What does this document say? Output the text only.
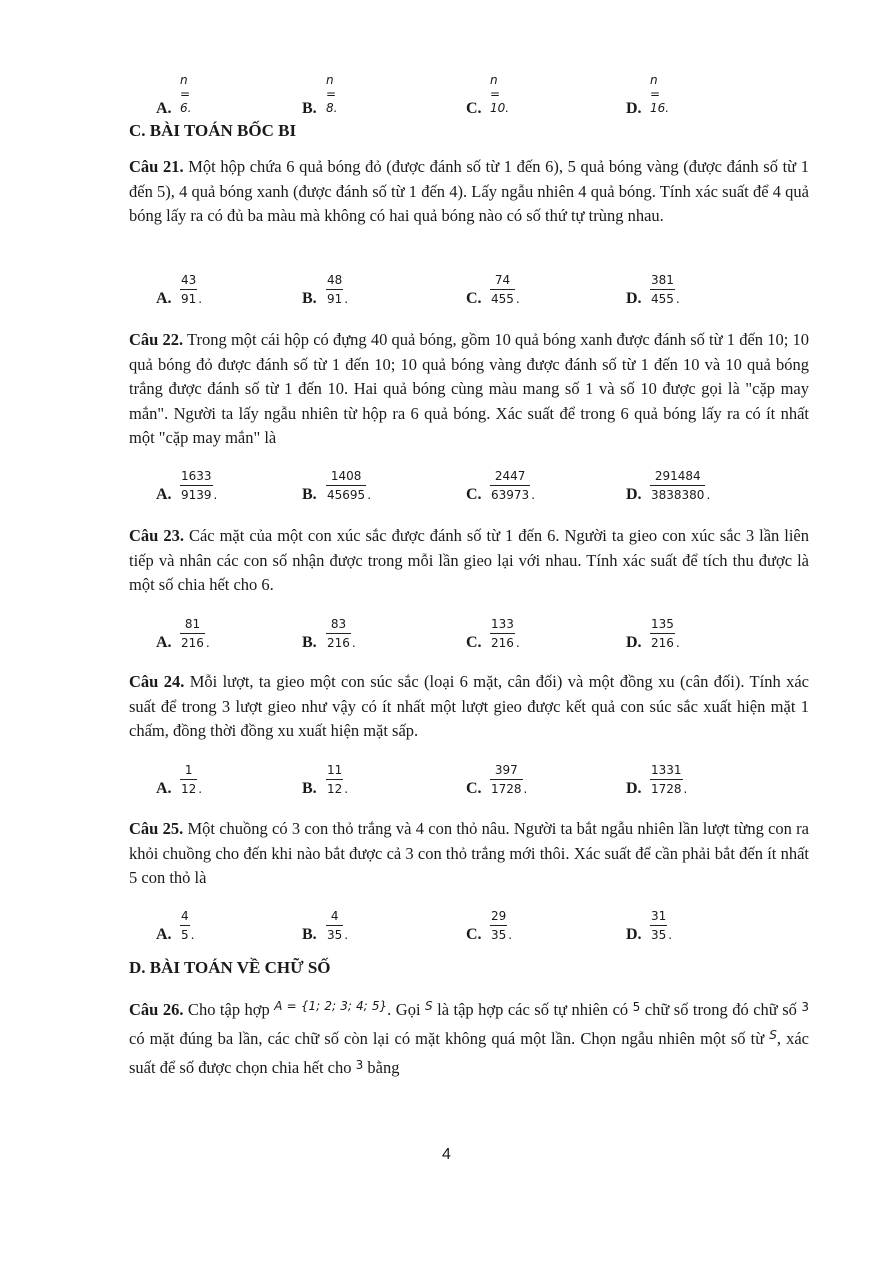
A.
n = 6.	B.
n = 8.	C.
n = 10.	D.
n = 16.
C. BÀI TOÁN BỐC BI

Câu 21. Một hộp chứa 6 quả bóng đỏ (được đánh số từ 1 đến 6), 5 quả bóng vàng (được đánh số từ 1 đến 5), 4 quả bóng xanh (được đánh số từ 1 đến 4). Lấy ngẫu nhiên 4 quả bóng. Tính xác suất để 4 quả bóng lấy ra có đủ ba màu mà không có hai quả bóng nào có số thứ tự trùng nhau.

A. $\frac{43}{91}$ .	B. $\frac{48}{91}$ .	C. $\frac{74}{455}$ .	D. $\frac{381}{455}$ .

Câu 22. Trong một cái hộp có đựng 40 quả bóng, gồm 10 quả bóng xanh được đánh số từ 1 đến 10; 10 quả bóng đỏ được đánh số từ 1 đến 10; 10 quả bóng vàng được đánh số từ 1 đến 10 và 10 quả bóng trắng được đánh số từ 1 đến 10. Hai quả bóng cùng màu mang số 1 và số 10 được gọi là "cặp may mắn". Người ta lấy ngẫu nhiên từ hộp ra 6 quả bóng. Xác suất để trong 6 quả bóng lấy ra có ít nhất một "cặp may mắn" là

A. $\frac{1633}{9139}$ .	B. $\frac{1408}{45695}$ .	C. $\frac{2447}{63973}$ .	D. $\frac{291484}{3838380}$ .

Câu 23. Các mặt của một con xúc sắc được đánh số từ 1 đến 6. Người ta gieo con xúc sắc 3 lần liên tiếp và nhân các con số nhận được trong mỗi lần gieo lại với nhau. Tính xác suất để tích thu được là một số chia hết cho 6.

A. $\frac{81}{216}$ .	B. $\frac{83}{216}$ .	C. $\frac{133}{216}$ .	D. $\frac{135}{216}$ .

Câu 24. Mỗi lượt, ta gieo một con súc sắc (loại 6 mặt, cân đối) và một đồng xu (cân đối). Tính xác suất để trong 3 lượt gieo như vậy có ít nhất một lượt gieo được kết quả con súc sắc xuất hiện mặt 1 chấm, đồng thời đồng xu xuất hiện mặt sấp.

A. $\frac{1}{12}$ .	B. $\frac{11}{12}$ .	C. $\frac{397}{1728}$ .	D. $\frac{1331}{1728}$ .

Câu 25. Một chuồng có 3 con thỏ trắng và 4 con thỏ nâu. Người ta bắt ngẫu nhiên lần lượt từng con ra khỏi chuồng cho đến khi nào bắt được cả 3 con thỏ trắng mới thôi. Xác suất để cần phải bắt đến ít nhất 5 con thỏ là

A. $\frac{4}{5}$ .	B. $\frac{4}{35}$ .	C. $\frac{29}{35}$ .	D. $\frac{31}{35}$ .
D. BÀI TOÁN VỀ CHỮ SỐ

Câu 26. Cho tập hợp $^{A = \{1; 2; 3; 4; 5\}}$. Gọi $^S$ là tập hợp các số tự nhiên có $^5$ chữ số trong đó chữ số $^3$ có mặt đúng ba lần, các chữ số còn lại có mặt không quá một lần. Chọn ngẫu nhiên một số từ $^S$, xác suất để số được chọn chia hết cho $^3$ bằng

4
